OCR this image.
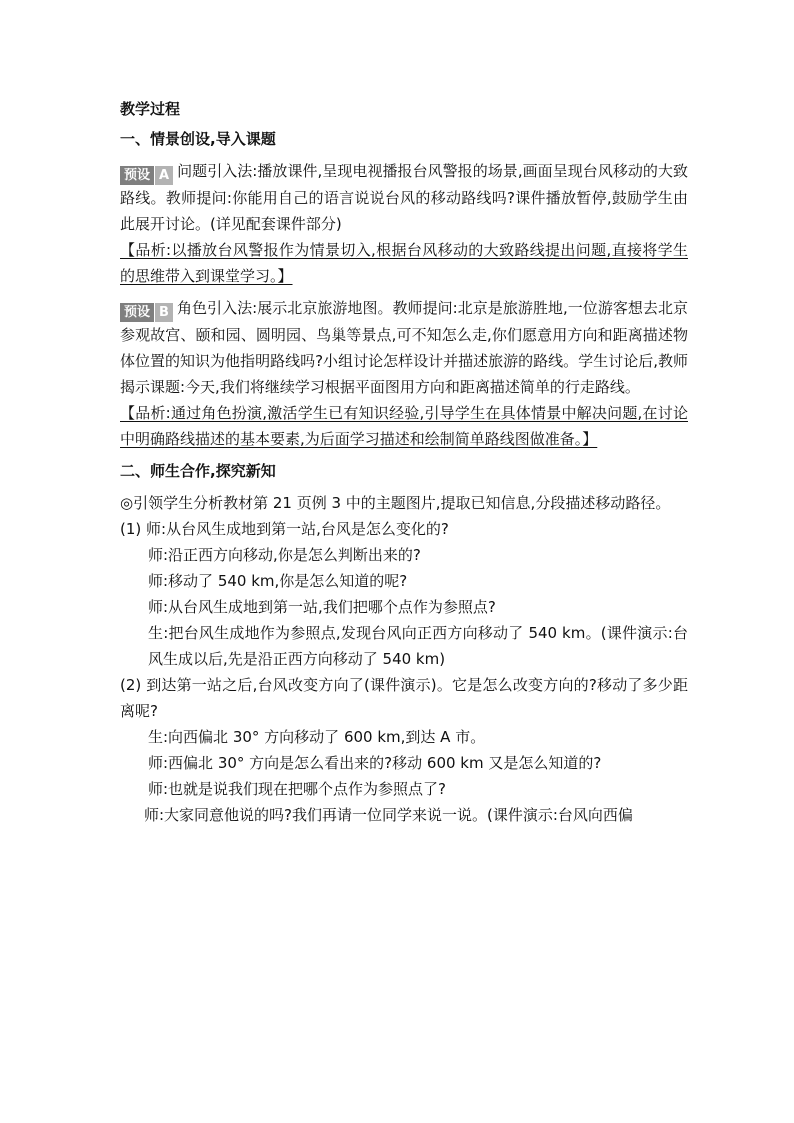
教学过程
一、情景创设,导入课题

预设 A 问题引入法:播放课件,呈现电视播报台风警报的场景,画面呈现台风移动的大致路线。教师提问:你能用自己的语言说说台风的移动路线吗?课件播放暂停,鼓励学生由此展开讨论。(详见配套课件部分)

【品析:以播放台风警报作为情景切入,根据台风移动的大致路线提出问题,直接将学生的思维带入到课堂学习。】

预设 B 角色引入法:展示北京旅游地图。教师提问:北京是旅游胜地,一位游客想去北京参观故宫、颐和园、圆明园、鸟巢等景点,可不知怎么走,你们愿意用方向和距离描述物体位置的知识为他指明路线吗?小组讨论怎样设计并描述旅游的路线。学生讨论后,教师揭示课题:今天,我们将继续学习根据平面图用方向和距离描述简单的行走路线。

【品析:通过角色扮演,激活学生已有知识经验,引导学生在具体情景中解决问题,在讨论中明确路线描述的基本要素,为后面学习描述和绘制简单路线图做准备。】

二、师生合作,探究新知

◎引领学生分析教材第 21 页例 3 中的主题图片,提取已知信息,分段描述移动路径。

(1) 师:从台风生成地到第一站,台风是怎么变化的?

师:沿正西方向移动,你是怎么判断出来的?

师:移动了 540 km,你是怎么知道的呢?

师:从台风生成地到第一站,我们把哪个点作为参照点?

生:把台风生成地作为参照点,发现台风向正西方向移动了 540 km。(课件演示:台风生成以后,先是沿正西方向移动了 540 km)

(2) 到达第一站之后,台风改变方向了(课件演示)。它是怎么改变方向的?移动了多少距离呢?

生:向西偏北 30° 方向移动了 600 km,到达 A 市。

师:西偏北 30° 方向是怎么看出来的?移动 600 km 又是怎么知道的?

师:也就是说我们现在把哪个点作为参照点了?

师:大家同意他说的吗?我们再请一位同学来说一说。(课件演示:台风向西偏
